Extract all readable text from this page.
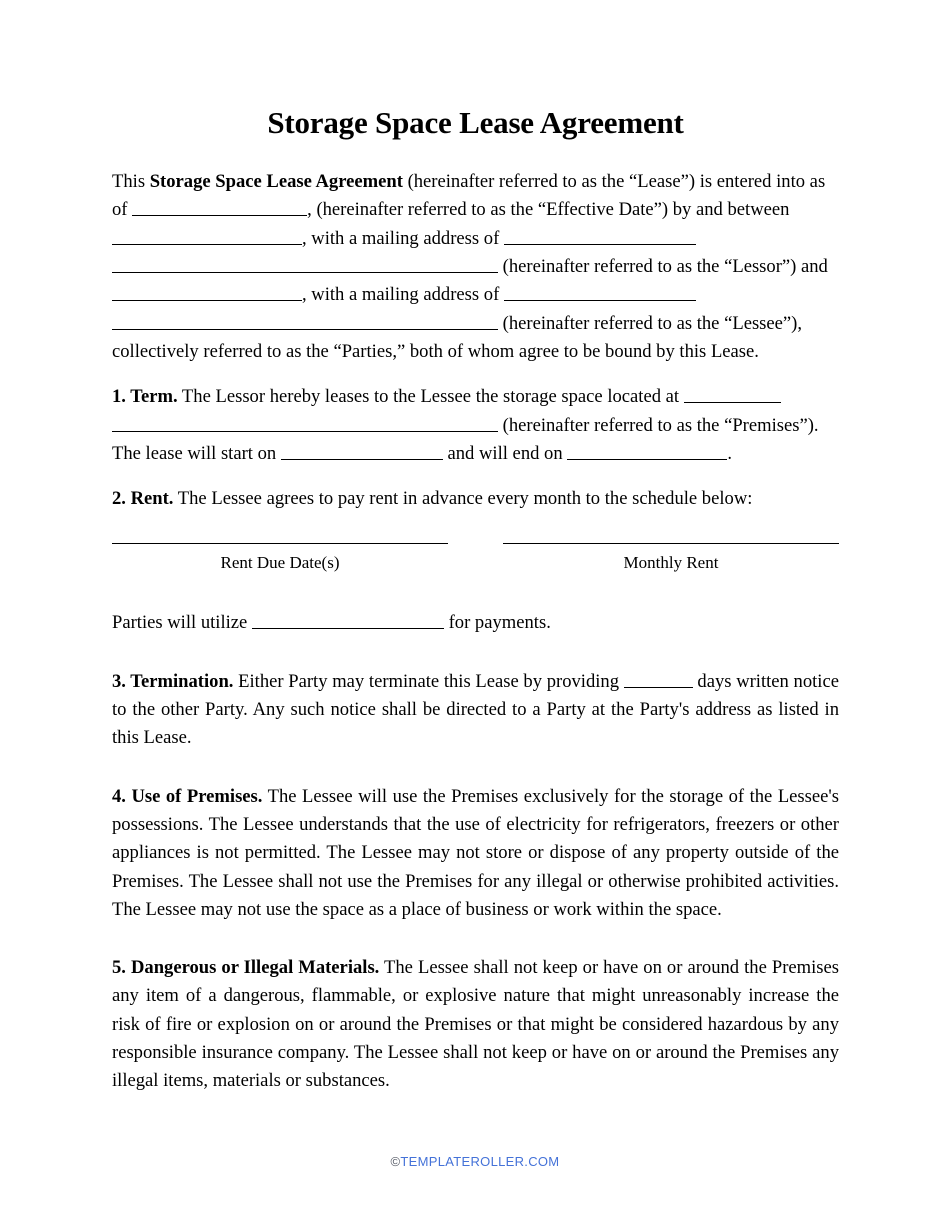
Storage Space Lease Agreement

This Storage Space Lease Agreement (hereinafter referred to as the “Lease”) is entered into as of	, (hereinafter referred to as the “Effective Date”) by and between , with a mailing address of  (hereinafter referred to as the “Lessor”) and , with a mailing address of  (hereinafter referred to as the “Lessee”), collectively referred to as the “Parties,” both of whom agree to be bound by this Lease.

1. Term. The Lessor hereby leases to the Lessee the storage space located at  (hereinafter referred to as the “Premises”). The lease will start on	and will end on	.

2. Rent. The Lessee agrees to pay rent in advance every month to the schedule below:

Rent Due Date(s)	Monthly Rent

Parties will utilize	for payments.

3. Termination. Either Party may terminate this Lease by providing	days written notice to the other Party. Any such notice shall be directed to a Party at the Party's address as listed in this Lease.

4. Use of Premises. The Lessee will use the Premises exclusively for the storage of the Lessee's possessions. The Lessee understands that the use of electricity for refrigerators, freezers or other appliances is not permitted. The Lessee may not store or dispose of any property outside of the Premises. The Lessee shall not use the Premises for any illegal or otherwise prohibited activities. The Lessee may not use the space as a place of business or work within the space.

5. Dangerous or Illegal Materials. The Lessee shall not keep or have on or around the Premises any item of a dangerous, flammable, or explosive nature that might unreasonably increase the risk of fire or explosion on or around the Premises or that might be considered hazardous by any responsible insurance company. The Lessee shall not keep or have on or around the Premises any illegal items, materials or substances.

©TEMPLATEROLLER.COM
